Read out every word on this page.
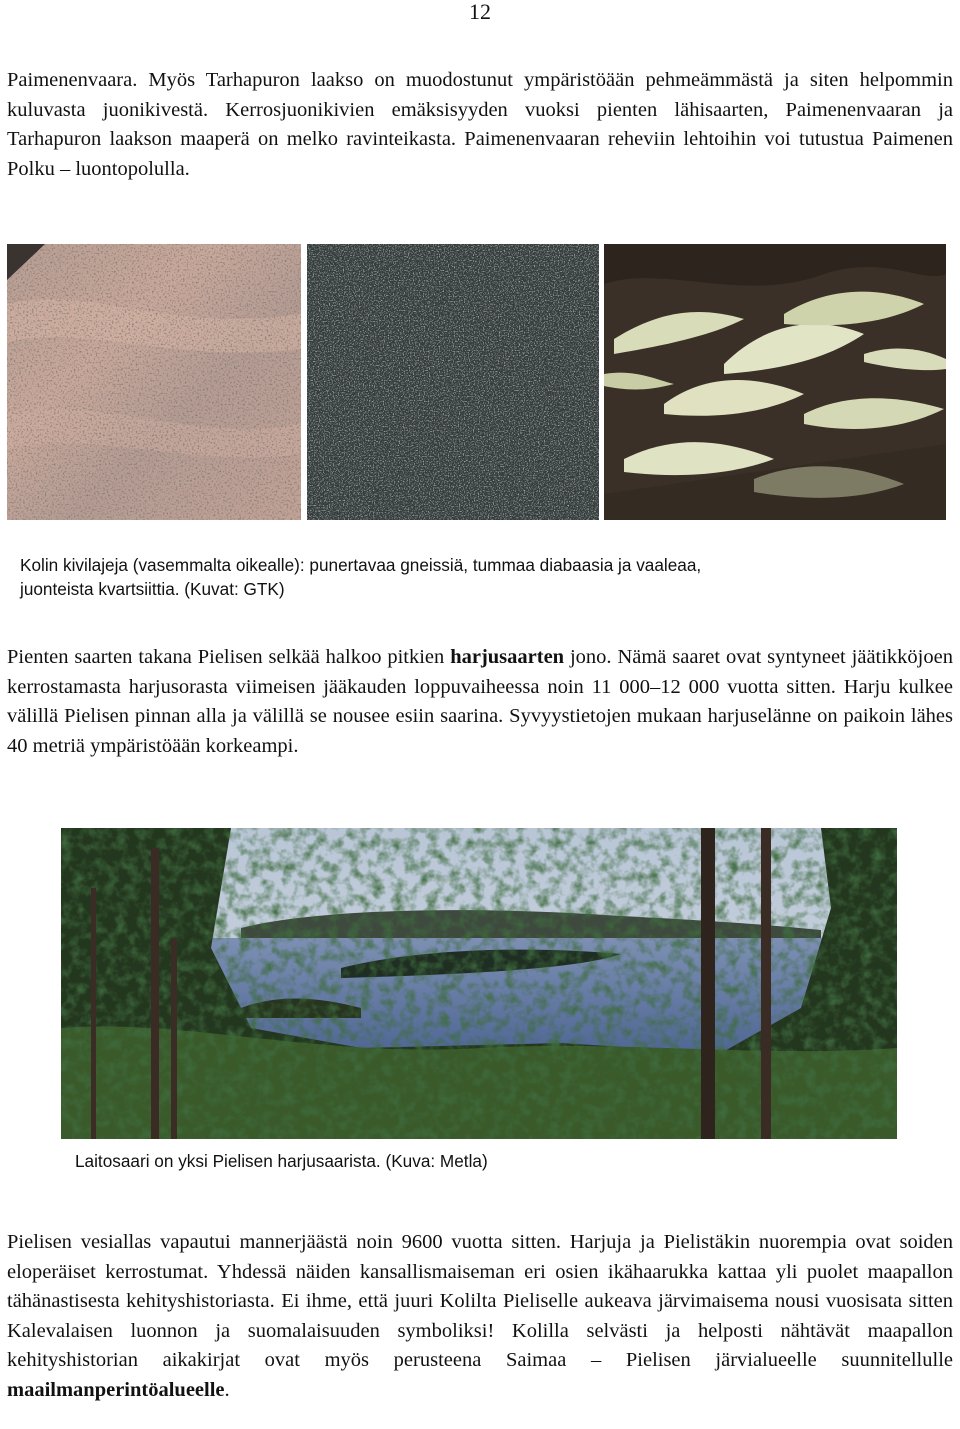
12

Paimenenvaara. Myös Tarhapuron laakso on muodostunut ympäristöään pehmeämmästä ja siten helpommin kuluvasta juonikivestä. Kerrosjuonikivien emäksisyyden vuoksi pienten lähisaarten, Paimenenvaaran ja Tarhapuron laakson maaperä on melko ravinteikasta. Paimenenvaaran reheviin lehtoihin voi tutustua Paimenen Polku – luontopolulla.

Kolin kivilajeja (vasemmalta oikealle): punertavaa gneissiä, tummaa diabaasia ja vaaleaa,

juonteista kvartsiittia. (Kuvat: GTK)

Pienten saarten takana Pielisen selkää halkoo pitkien harjusaarten jono. Nämä saaret ovat syntyneet jäätikköjoen kerrostamasta harjusorasta viimeisen jääkauden loppuvaiheessa noin 11 000–12 000 vuotta sitten. Harju kulkee välillä Pielisen pinnan alla ja välillä se nousee esiin saarina. Syvyystietojen mukaan harjuselänne on paikoin lähes 40 metriä ympäristöään korkeampi.

Laitosaari on yksi Pielisen harjusaarista. (Kuva: Metla)

Pielisen vesiallas vapautui mannerjäästä noin 9600 vuotta sitten. Harjuja ja Pielistäkin nuorempia ovat soiden eloperäiset kerrostumat. Yhdessä näiden kansallismaiseman eri osien ikähaarukka kattaa yli puolet maapallon tähänastisesta kehityshistoriasta. Ei ihme, että juuri Kolilta Pieliselle aukeava järvimaisema nousi vuosisata sitten Kalevalaisen luonnon ja suomalaisuuden symboliksi! Kolilla selvästi ja helposti nähtävät maapallon kehityshistorian aikakirjat ovat myös perusteena Saimaa – Pielisen järvialueelle suunnitellulle maailmanperintöalueelle.
